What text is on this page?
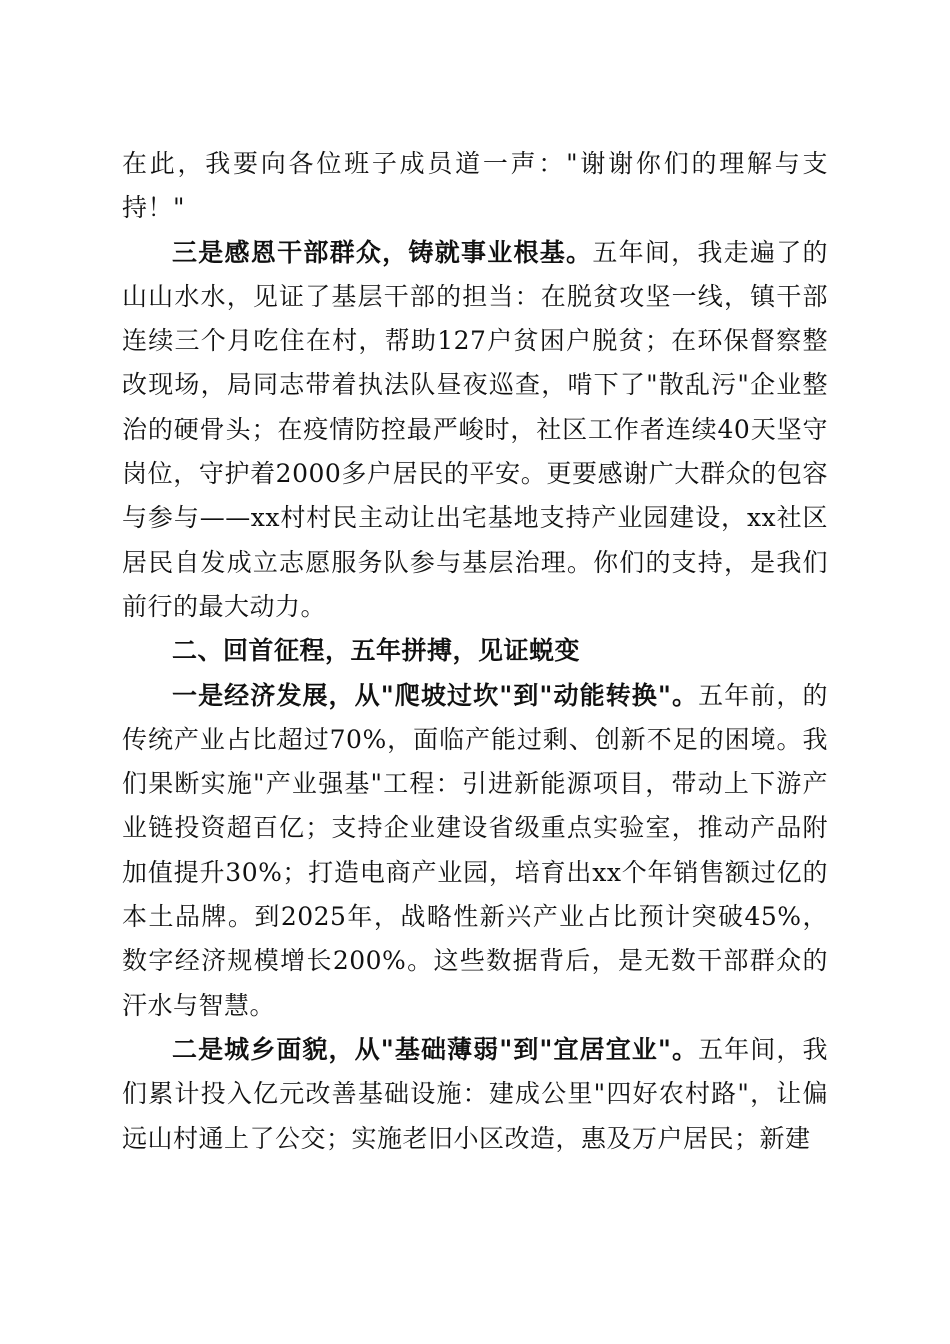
在此，我要向各位班子成员道一声："谢谢你们的理解与支持！"

三是感恩干部群众，铸就事业根基。五年间，我走遍了的山山水水，见证了基层干部的担当：在脱贫攻坚一线，镇干部连续三个月吃住在村，帮助127户贫困户脱贫；在环保督察整改现场，局同志带着执法队昼夜巡查，啃下了"散乱污"企业整治的硬骨头；在疫情防控最严峻时，社区工作者连续40天坚守岗位，守护着2000多户居民的平安。更要感谢广大群众的包容与参与——xx村村民主动让出宅基地支持产业园建设，xx社区居民自发成立志愿服务队参与基层治理。你们的支持，是我们前行的最大动力。

二、回首征程，五年拼搏，见证蜕变

一是经济发展，从"爬坡过坎"到"动能转换"。五年前，的传统产业占比超过70%，面临产能过剩、创新不足的困境。我们果断实施"产业强基"工程：引进新能源项目，带动上下游产业链投资超百亿；支持企业建设省级重点实验室，推动产品附加值提升30%；打造电商产业园，培育出xx个年销售额过亿的本土品牌。到2025年，战略性新兴产业占比预计突破45%，数字经济规模增长200%。这些数据背后，是无数干部群众的汗水与智慧。

二是城乡面貌，从"基础薄弱"到"宜居宜业"。五年间，我们累计投入亿元改善基础设施：建成公里"四好农村路"，让偏远山村通上了公交；实施老旧小区改造，惠及万户居民；新建
